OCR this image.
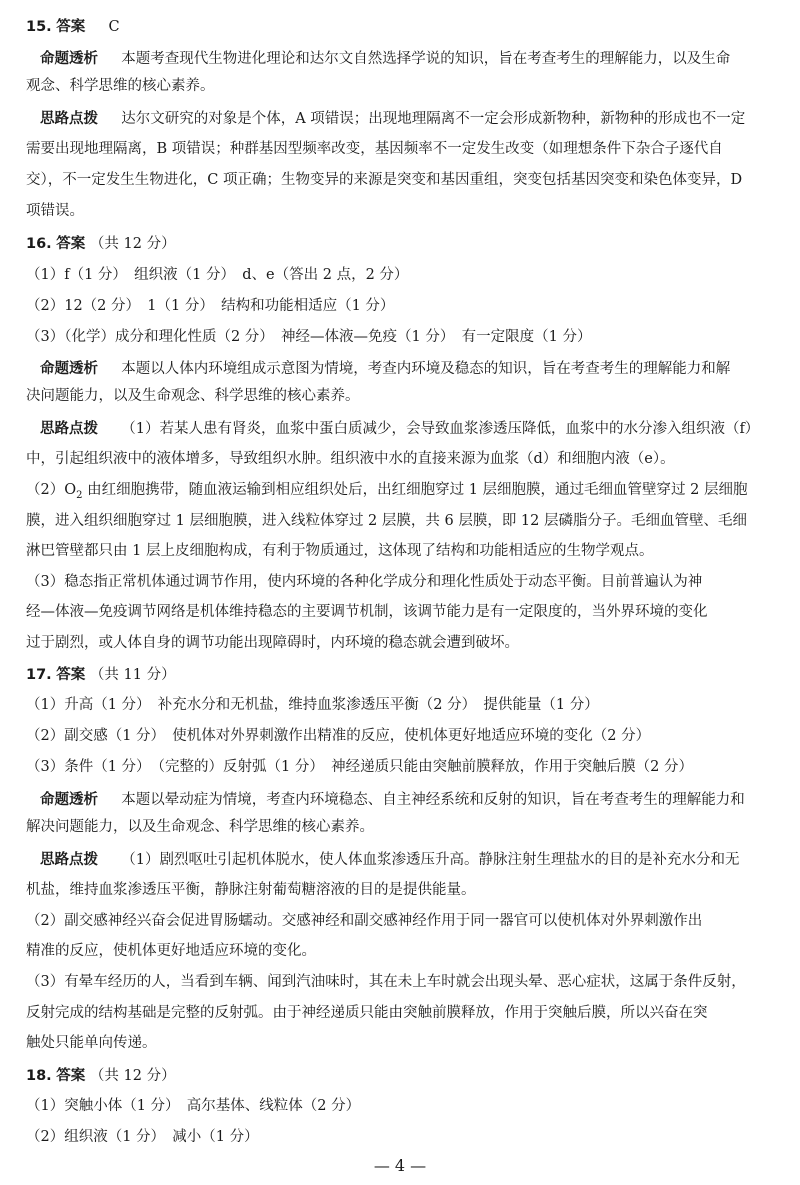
15. 答案 C
命题透析 本题考查现代生物进化理论和达尔文自然选择学说的知识，旨在考查考生的理解能力，以及生命
观念、科学思维的核心素养。
思路点拨 达尔文研究的对象是个体，A 项错误；出现地理隔离不一定会形成新物种，新物种的形成也不一定
需要出现地理隔离，B 项错误；种群基因型频率改变，基因频率不一定发生改变（如理想条件下杂合子逐代自
交），不一定发生生物进化，C 项正确；生物变异的来源是突变和基因重组，突变包括基因突变和染色体变异，D
项错误。
16. 答案 （共 12 分）
（1）f（1 分）　组织液（1 分）　d、e（答出 2 点，2 分）
（2）12（2 分）　1（1 分）　结构和功能相适应（1 分）
（3）（化学）成分和理化性质（2 分）　神经—体液—免疫（1 分）　有一定限度（1 分）
命题透析 本题以人体内环境组成示意图为情境，考查内环境及稳态的知识，旨在考查考生的理解能力和解
决问题能力，以及生命观念、科学思维的核心素养。
思路点拨 （1）若某人患有肾炎，血浆中蛋白质减少，会导致血浆渗透压降低，血浆中的水分渗入组织液（f）
中，引起组织液中的液体增多，导致组织水肿。组织液中水的直接来源为血浆（d）和细胞内液（e）。
$(2)O_2$ 由红细胞携带，随血液运输到相应组织处后，出红细胞穿过 1 层细胞膜，通过毛细血管壁穿过 2 层细胞
膜，进入组织细胞穿过 1 层细胞膜，进入线粒体穿过 2 层膜，共 6 层膜，即 12 层磷脂分子。毛细血管壁、毛细
淋巴管壁都只由 1 层上皮细胞构成，有利于物质通过，这体现了结构和功能相适应的生物学观点。
（3）稳态指正常机体通过调节作用，使内环境的各种化学成分和理化性质处于动态平衡。目前普遍认为神
经—体液—免疫调节网络是机体维持稳态的主要调节机制，该调节能力是有一定限度的，当外界环境的变化
过于剧烈，或人体自身的调节功能出现障碍时，内环境的稳态就会遭到破坏。
17. 答案 （共 11 分）
（1）升高（1 分）　补充水分和无机盐，维持血浆渗透压平衡（2 分）　提供能量（1 分）
（2）副交感（1 分）　使机体对外界刺激作出精准的反应，使机体更好地适应环境的变化（2 分）
（3）条件（1 分）　（完整的）反射弧（1 分）　神经递质只能由突触前膜释放，作用于突触后膜（2 分）
命题透析 本题以晕动症为情境，考查内环境稳态、自主神经系统和反射的知识，旨在考查考生的理解能力和
解决问题能力，以及生命观念、科学思维的核心素养。
思路点拨 （1）剧烈呕吐引起机体脱水，使人体血浆渗透压升高。静脉注射生理盐水的目的是补充水分和无
机盐，维持血浆渗透压平衡，静脉注射葡萄糖溶液的目的是提供能量。
（2）副交感神经兴奋会促进胃肠蠕动。交感神经和副交感神经作用于同一器官可以使机体对外界刺激作出
精准的反应，使机体更好地适应环境的变化。
（3）有晕车经历的人，当看到车辆、闻到汽油味时，其在未上车时就会出现头晕、恶心症状，这属于条件反射，
反射完成的结构基础是完整的反射弧。由于神经递质只能由突触前膜释放，作用于突触后膜，所以兴奋在突
触处只能单向传递。
18. 答案 （共 12 分）
（1）突触小体（1 分）　高尔基体、线粒体（2 分）
（2）组织液（1 分）　减小（1 分）
— 4 —
